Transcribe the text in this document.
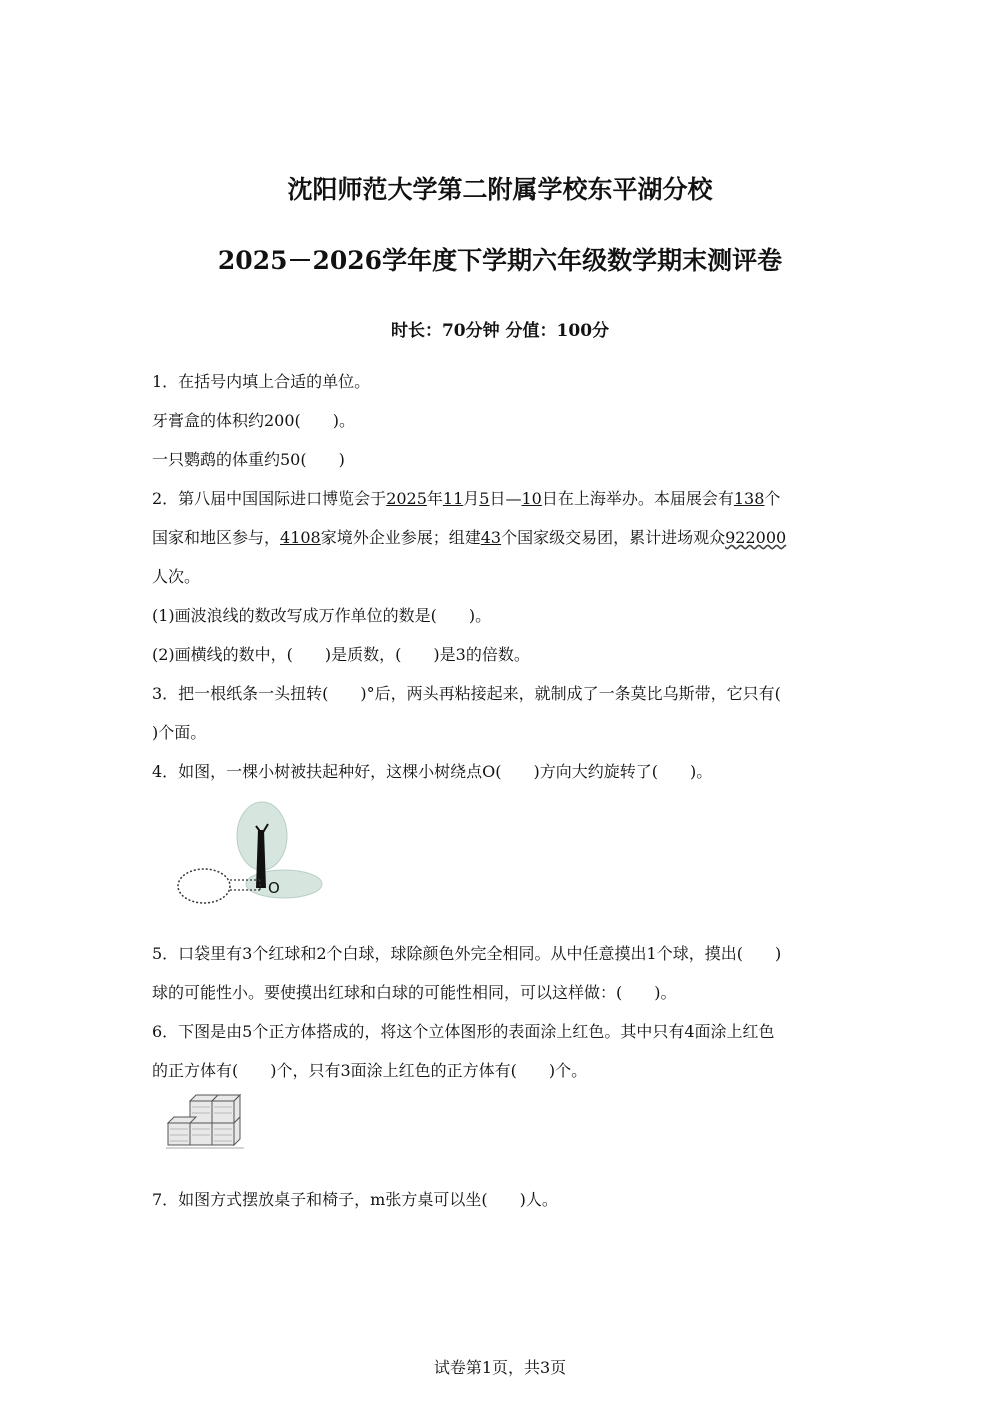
沈阳师范大学第二附属学校东平湖分校
2025－2026学年度下学期六年级数学期末测评卷
时长：70分钟 分值：100分
1．在括号内填上合适的单位。
牙膏盒的体积约200(　　)。
一只鹦鹉的体重约50(　　)
2．第八届中国国际进口博览会于2025年11月5日—10日在上海举办。本届展会有138个
国家和地区参与，4108家境外企业参展；组建43个国家级交易团，累计进场观众922000
人次。
(1)画波浪线的数改写成万作单位的数是(　　)。
(2)画横线的数中，(　　)是质数，(　　)是3的倍数。
3．把一根纸条一头扭转(　　)°后，两头再粘接起来，就制成了一条莫比乌斯带，它只有(
)个面。
4．如图，一棵小树被扶起种好，这棵小树绕点O(　　)方向大约旋转了(　　)。
O
5．口袋里有3个红球和2个白球，球除颜色外完全相同。从中任意摸出1个球，摸出(　　)
球的可能性小。要使摸出红球和白球的可能性相同，可以这样做：(　　)。
6．下图是由5个正方体搭成的，将这个立体图形的表面涂上红色。其中只有4面涂上红色
的正方体有(　　)个，只有3面涂上红色的正方体有(　　)个。
7．如图方式摆放桌子和椅子，m张方桌可以坐(　　)人。
试卷第1页，共3页
